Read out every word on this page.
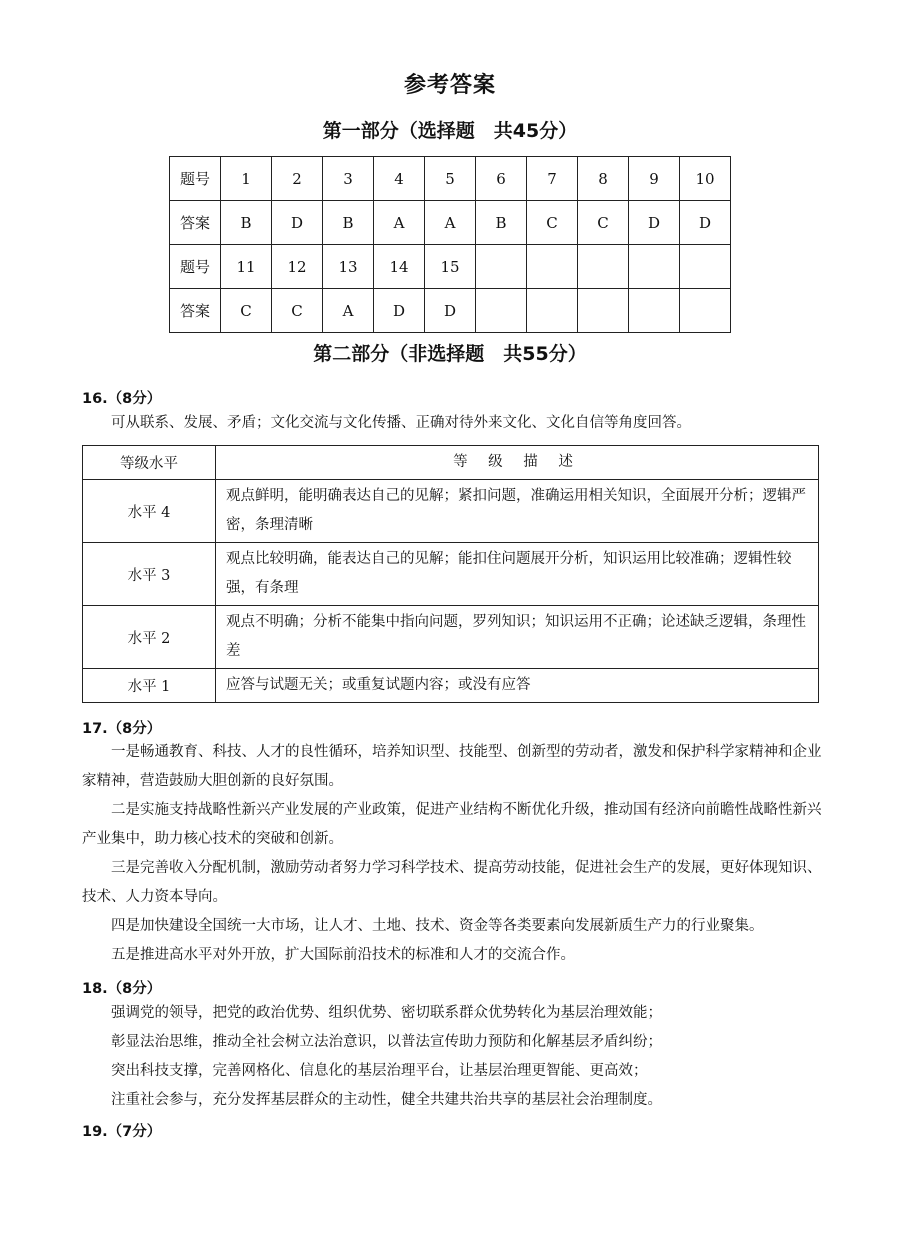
参考答案
第一部分（选择题　共45分）
题号	1	2	3	4	5	6	7	8	9	10
答案	B	D	B	A	A	B	C	C	D	D
题号	11	12	13	14	15					
答案	C	C	A	D	D					
第二部分（非选择题　共55分）
16.（8分）
可从联系、发展、矛盾；文化交流与文化传播、正确对待外来文化、文化自信等角度回答。
等级水平	等 级 描 述
水平 4	观点鲜明，能明确表达自己的见解；紧扣问题，准确运用相关知识，全面展开分析；逻辑严密，条理清晰
水平 3	观点比较明确，能表达自己的见解；能扣住问题展开分析，知识运用比较准确；逻辑性较强，有条理
水平 2	观点不明确；分析不能集中指向问题，罗列知识；知识运用不正确；论述缺乏逻辑，条理性差
水平 1	应答与试题无关；或重复试题内容；或没有应答
17.（8分）
一是畅通教育、科技、人才的良性循环，培养知识型、技能型、创新型的劳动者，激发和保护科学家精神和企业家精神，营造鼓励大胆创新的良好氛围。
二是实施支持战略性新兴产业发展的产业政策，促进产业结构不断优化升级，推动国有经济向前瞻性战略性新兴产业集中，助力核心技术的突破和创新。
三是完善收入分配机制，激励劳动者努力学习科学技术、提高劳动技能，促进社会生产的发展，更好体现知识、技术、人力资本导向。
四是加快建设全国统一大市场，让人才、土地、技术、资金等各类要素向发展新质生产力的行业聚集。
五是推进高水平对外开放，扩大国际前沿技术的标准和人才的交流合作。
18.（8分）
强调党的领导，把党的政治优势、组织优势、密切联系群众优势转化为基层治理效能；
彰显法治思维，推动全社会树立法治意识，以普法宣传助力预防和化解基层矛盾纠纷；
突出科技支撑，完善网格化、信息化的基层治理平台，让基层治理更智能、更高效；
注重社会参与，充分发挥基层群众的主动性，健全共建共治共享的基层社会治理制度。
19.（7分）
